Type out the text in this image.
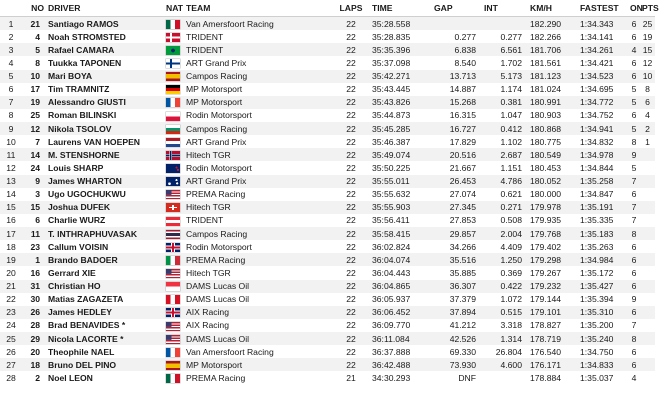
	NO	DRIVER	NAT	TEAM	LAPS	TIME	GAP	INT	KM/H	FASTEST	ON	PTS
1	21	Santiago RAMOS		Van Amersfoort Racing	22	35:28.558			182.290	1:34.343	6	25
2	4	Noah STROMSTED		TRIDENT	22	35:28.835	0.277	0.277	182.266	1:34.141	6	19
3	5	Rafael CAMARA		TRIDENT	22	35:35.396	6.838	6.561	181.706	1:34.261	4	15
4	8	Tuukka TAPONEN		ART Grand Prix	22	35:37.098	8.540	1.702	181.561	1:34.421	6	12
5	10	Mari BOYA		Campos Racing	22	35:42.271	13.713	5.173	181.123	1:34.523	6	10
6	17	Tim TRAMNITZ		MP Motorsport	22	35:43.445	14.887	1.174	181.024	1:34.695	5	8
7	19	Alessandro GIUSTI		MP Motorsport	22	35:43.826	15.268	0.381	180.991	1:34.772	5	6
8	25	Roman BILINSKI		Rodin Motorsport	22	35:44.873	16.315	1.047	180.903	1:34.752	6	4
9	12	Nikola TSOLOV		Campos Racing	22	35:45.285	16.727	0.412	180.868	1:34.941	5	2
10	7	Laurens VAN HOEPEN		ART Grand Prix	22	35:46.387	17.829	1.102	180.775	1:34.832	8	1
11	14	M. STENSHORNE		Hitech TGR	22	35:49.074	20.516	2.687	180.549	1:34.978	9	
12	24	Louis SHARP		Rodin Motorsport	22	35:50.225	21.667	1.151	180.453	1:34.844	5	
13	9	James WHARTON		ART Grand Prix	22	35:55.011	26.453	4.786	180.052	1:35.258	7	
14	3	Ugo UGOCHUKWU		PREMA Racing	22	35:55.632	27.074	0.621	180.000	1:34.847	6	
15	15	Joshua DUFEK		Hitech TGR	22	35:55.903	27.345	0.271	179.978	1:35.191	7	
16	6	Charlie WURZ		TRIDENT	22	35:56.411	27.853	0.508	179.935	1:35.335	7	
17	11	T. INTHRAPHUVASAK		Campos Racing	22	35:58.415	29.857	2.004	179.768	1:35.183	8	
18	23	Callum VOISIN		Rodin Motorsport	22	36:02.824	34.266	4.409	179.402	1:35.263	6	
19	1	Brando BADOER		PREMA Racing	22	36:04.074	35.516	1.250	179.298	1:34.984	6	
20	16	Gerrard XIE		Hitech TGR	22	36:04.443	35.885	0.369	179.267	1:35.172	6	
21	31	Christian HO		DAMS Lucas Oil	22	36:04.865	36.307	0.422	179.232	1:35.427	6	
22	30	Matias ZAGAZETA		DAMS Lucas Oil	22	36:05.937	37.379	1.072	179.144	1:35.394	9	
23	26	James HEDLEY		AIX Racing	22	36:06.452	37.894	0.515	179.101	1:35.310	6	
24	28	Brad BENAVIDES *		AIX Racing	22	36:09.770	41.212	3.318	178.827	1:35.200	7	
25	29	Nicola LACORTE *		DAMS Lucas Oil	22	36:11.084	42.526	1.314	178.719	1:35.240	8	
26	20	Theophile NAEL		Van Amersfoort Racing	22	36:37.888	69.330	26.804	176.540	1:34.750	6	
27	18	Bruno DEL PINO		MP Motorsport	22	36:42.488	73.930	4.600	176.171	1:34.833	6	
28	2	Noel LEON		PREMA Racing	21	34:30.293	DNF		178.884	1:35.037	4	
